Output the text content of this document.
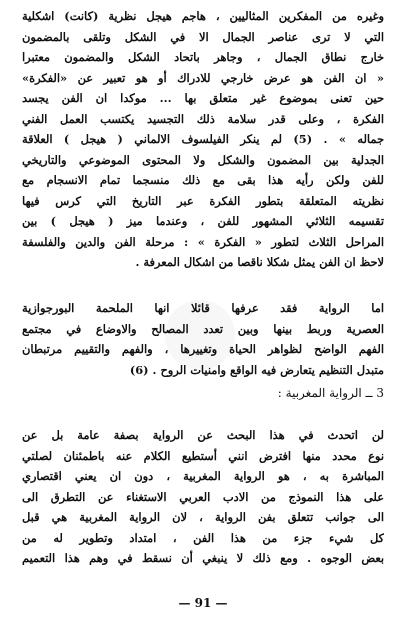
وغيره من المفكرين المثاليين ، هاجم هيجل نظرية (كانت) اشكلية
التي لا ترى عناصر الجمال الا في الشكل وتلقى بالمضمون
خارج نطاق الجمال ، وجاهر باتحاد الشكل والمضمون معتبرا
« ان الفن هو عرض خارجي للادراك أو هو تعبير عن «الفكرة»
حين تعنى بموضوع غير متعلق بها ... موكدا ان الفن يجسد
الفكرة ، وعلى قدر سلامة ذلك التجسيد يكتسب العمل الفني
جماله » . (5) لم ينكر الفيلسوف الالماني ( هيجل ) العلاقة
الجدلية بين المضمون والشكل ولا المحتوى الموضوعي والتاريخي
للفن ولكن رأيه هذا بقى مع ذلك منسجما تمام الانسجام مع
نظريته المتعلقة بتطور الفكرة عبر التاريخ التي كرس فيها
تقسيمه الثلاثي المشهور للفن ، وعندما ميز ( هيجل ) بين
المراحل الثلاث لتطور « الفكرة » : مرحلة الفن والدين والفلسفة
لاحظ ان الفن يمثل شكلا ناقصا من اشكال المعرفة .
اما الرواية فقد عرفها قائلا انها الملحمة البورجوازية
العصرية وربط بينها وبين تعدد المصالح والاوضاع في مجتمع
الفهم الواضح لظواهر الحياة وتغييرها ، والفهم والتقييم مرتبطان
متبدل التنظيم يتعارض فيه الواقع وامنيات الروح . (6)
3 ــ الرواية المغربية :
لن اتحدث في هذا البحث عن الرواية بصفة عامة بل عن
نوع محدد منها افترض انني أستطيع الكلام عنه باطمئنان لصلتي
المباشرة به ، هو الرواية المغربية ، دون ان يعني اقتصاري
على هذا النموذج من الادب العربي الاستغناء عن التطرق الى
الى جوانب تتعلق بفن الرواية ، لان الرواية المغربية هي قبل
كل شيء جزء من هذا الفن ، امتداد وتطوير له من
بعض الوجوه . ومع ذلك لا ينبغي أن نسقط في وهم هذا التعميم
— 91 —
